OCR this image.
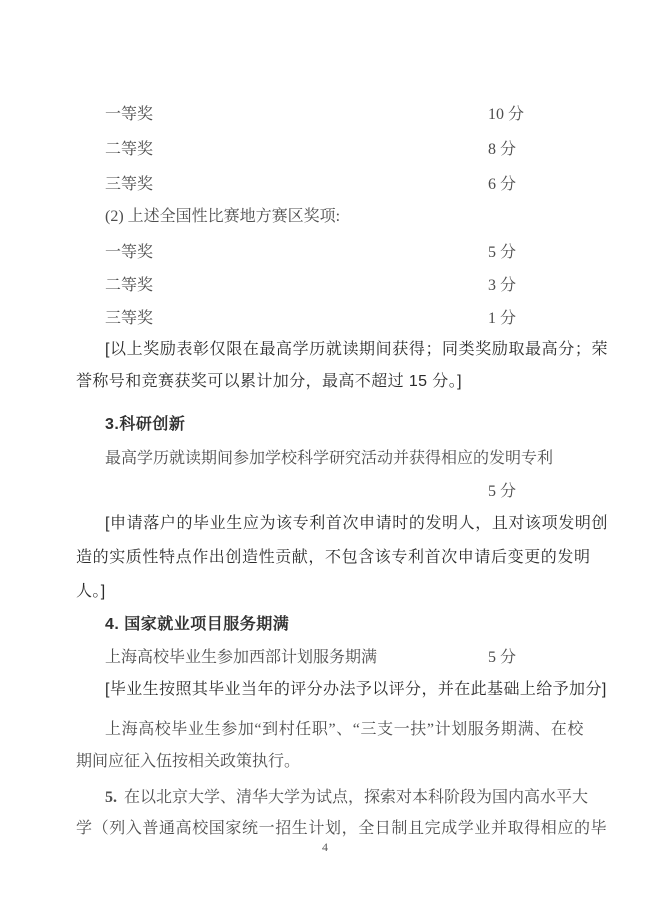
一等奖	10 分
二等奖	8 分
三等奖	6 分
(2) 上述全国性比赛地方赛区奖项:
一等奖	5 分
二等奖	3 分
三等奖	1 分
[以上奖励表彰仅限在最高学历就读期间获得；同类奖励取最高分；荣
誉称号和竞赛获奖可以累计加分，最高不超过 15 分。]
3.科研创新
最高学历就读期间参加学校科学研究活动并获得相应的发明专利
5 分
[申请落户的毕业生应为该专利首次申请时的发明人，且对该项发明创
造的实质性特点作出创造性贡献，不包含该专利首次申请后变更的发明
人。]
4. 国家就业项目服务期满
上海高校毕业生参加西部计划服务期满	5 分
[毕业生按照其毕业当年的评分办法予以评分，并在此基础上给予加分]
上海高校毕业生参加“到村任职”、“三支一扶”计划服务期满、在校
期间应征入伍按相关政策执行。
5. 在以北京大学、清华大学为试点，探索对本科阶段为国内高水平大
学（列入普通高校国家统一招生计划，全日制且完成学业并取得相应的毕
4
